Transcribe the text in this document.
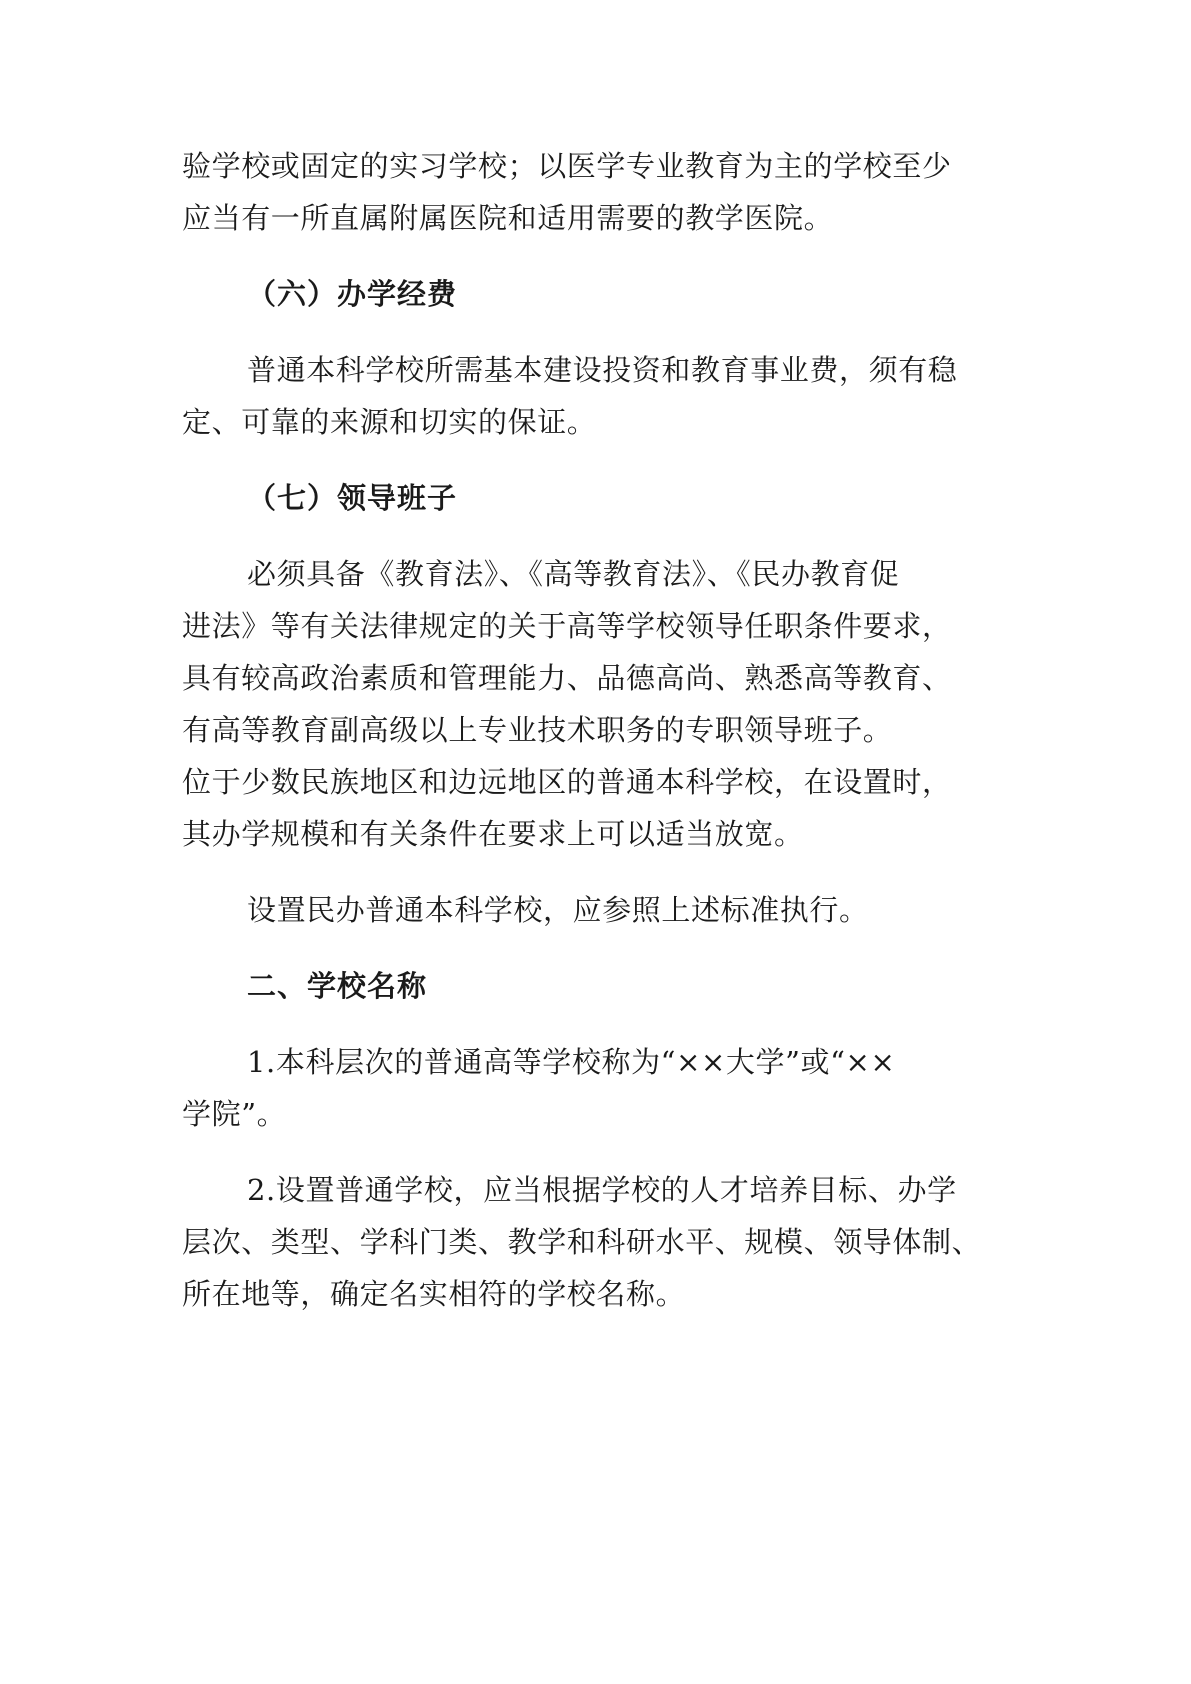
验学校或固定的实习学校；以医学专业教育为主的学校至少
应当有一所直属附属医院和适用需要的教学医院。
（六）办学经费
普通本科学校所需基本建设投资和教育事业费，须有稳
定、可靠的来源和切实的保证。
（七）领导班子
必须具备《教育法》、《高等教育法》、《民办教育促
进法》等有关法律规定的关于高等学校领导任职条件要求，
具有较高政治素质和管理能力、品德高尚、熟悉高等教育、
有高等教育副高级以上专业技术职务的专职领导班子。
位于少数民族地区和边远地区的普通本科学校，在设置时，
其办学规模和有关条件在要求上可以适当放宽。
设置民办普通本科学校，应参照上述标准执行。
二、学校名称
1.本科层次的普通高等学校称为“××大学”或“××
学院”。
2.设置普通学校，应当根据学校的人才培养目标、办学
层次、类型、学科门类、教学和科研水平、规模、领导体制、
所在地等，确定名实相符的学校名称。
